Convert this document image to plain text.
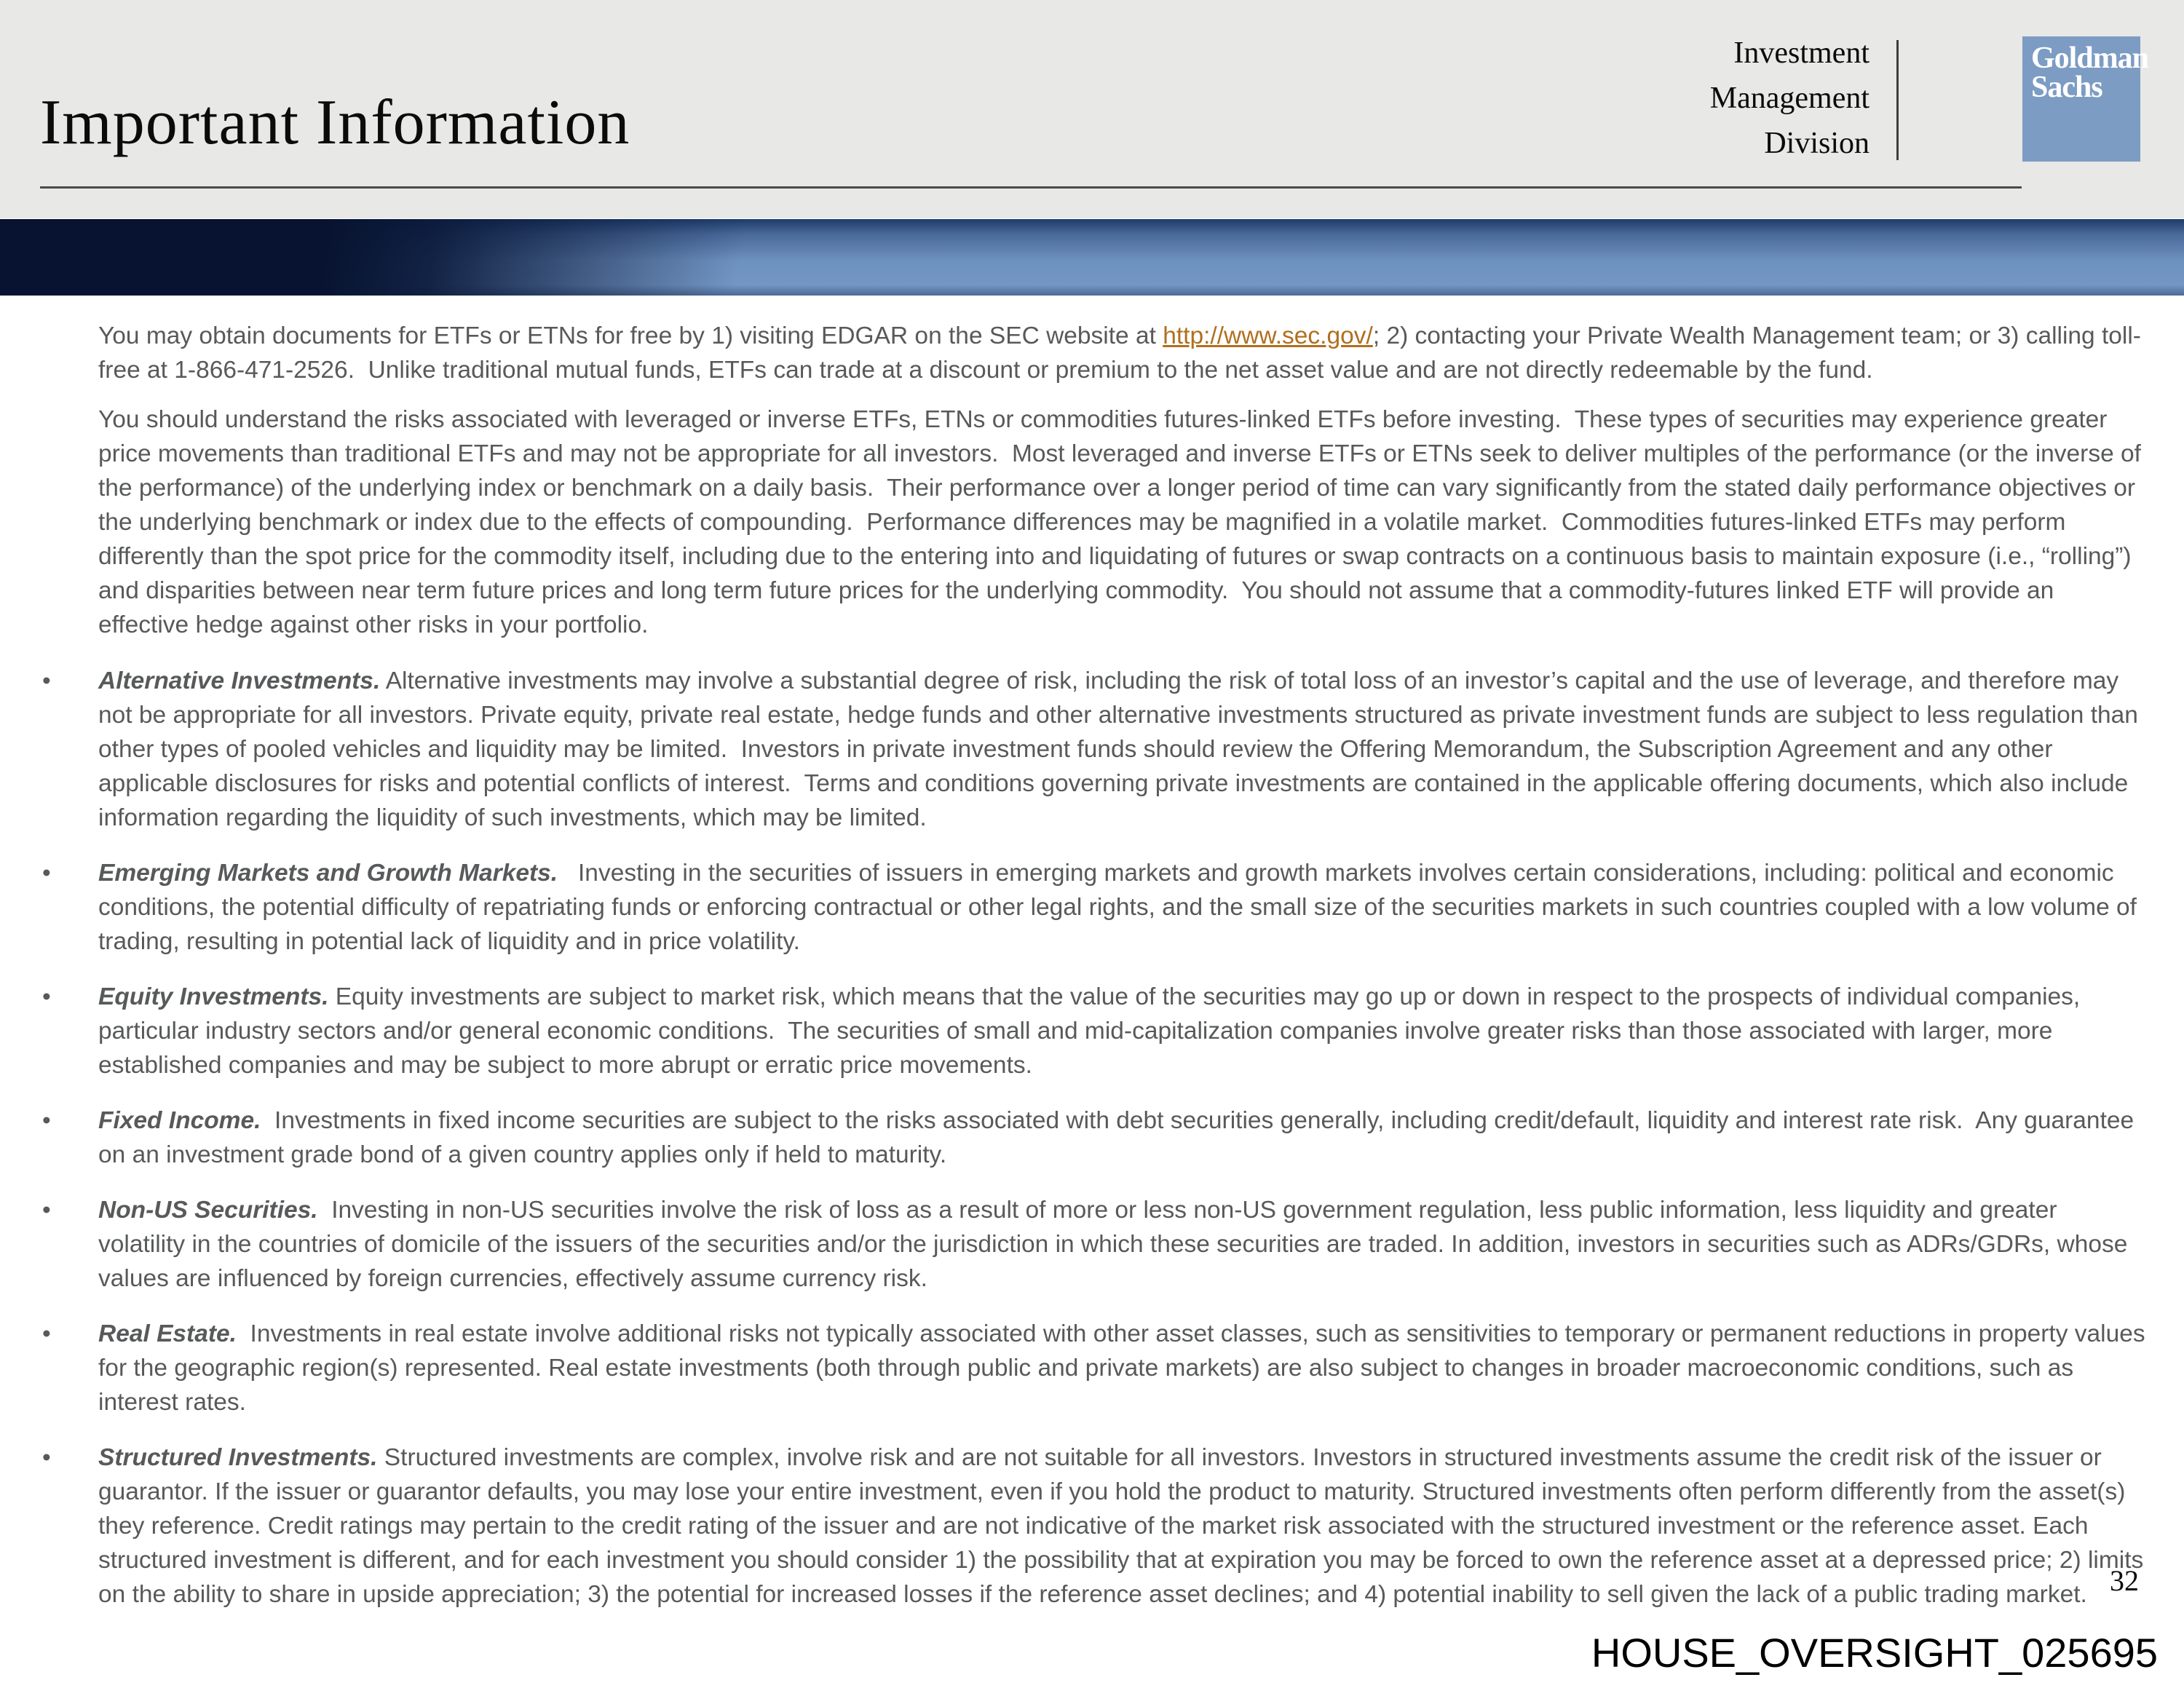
Important Information
Investment
Management
Division
Goldman
Sachs

You may obtain documents for ETFs or ETNs for free by 1) visiting EDGAR on the SEC website at http://www.sec.gov/; 2) contacting your Private Wealth Management team; or 3) calling toll-free at 1-866-471-2526.  Unlike traditional mutual funds, ETFs can trade at a discount or premium to the net asset value and are not directly redeemable by the fund.

You should understand the risks associated with leveraged or inverse ETFs, ETNs or commodities futures-linked ETFs before investing.  These types of securities may experience greater price movements than traditional ETFs and may not be appropriate for all investors.  Most leveraged and inverse ETFs or ETNs seek to deliver multiples of the performance (or the inverse of the performance) of the underlying index or benchmark on a daily basis.  Their performance over a longer period of time can vary significantly from the stated daily performance objectives or the underlying benchmark or index due to the effects of compounding.  Performance differences may be magnified in a volatile market.  Commodities futures-linked ETFs may perform differently than the spot price for the commodity itself, including due to the entering into and liquidating of futures or swap contracts on a continuous basis to maintain exposure (i.e., “rolling”) and disparities between near term future prices and long term future prices for the underlying commodity.  You should not assume that a commodity-futures linked ETF will provide an effective hedge against other risks in your portfolio.

• Alternative Investments. Alternative investments may involve a substantial degree of risk, including the risk of total loss of an investor’s capital and the use of leverage, and therefore may not be appropriate for all investors. Private equity, private real estate, hedge funds and other alternative investments structured as private investment funds are subject to less regulation than other types of pooled vehicles and liquidity may be limited.  Investors in private investment funds should review the Offering Memorandum, the Subscription Agreement and any other applicable disclosures for risks and potential conflicts of interest.  Terms and conditions governing private investments are contained in the applicable offering documents, which also include information regarding the liquidity of such investments, which may be limited.
• Emerging Markets and Growth Markets.   Investing in the securities of issuers in emerging markets and growth markets involves certain considerations, including: political and economic conditions, the potential difficulty of repatriating funds or enforcing contractual or other legal rights, and the small size of the securities markets in such countries coupled with a low volume of trading, resulting in potential lack of liquidity and in price volatility.
• Equity Investments. Equity investments are subject to market risk, which means that the value of the securities may go up or down in respect to the prospects of individual companies, particular industry sectors and/or general economic conditions.  The securities of small and mid-capitalization companies involve greater risks than those associated with larger, more established companies and may be subject to more abrupt or erratic price movements.
• Fixed Income.  Investments in fixed income securities are subject to the risks associated with debt securities generally, including credit/default, liquidity and interest rate risk.  Any guarantee on an investment grade bond of a given country applies only if held to maturity.
• Non-US Securities.  Investing in non-US securities involve the risk of loss as a result of more or less non-US government regulation, less public information, less liquidity and greater volatility in the countries of domicile of the issuers of the securities and/or the jurisdiction in which these securities are traded. In addition, investors in securities such as ADRs/GDRs, whose values are influenced by foreign currencies, effectively assume currency risk.
• Real Estate.  Investments in real estate involve additional risks not typically associated with other asset classes, such as sensitivities to temporary or permanent reductions in property values for the geographic region(s) represented. Real estate investments (both through public and private markets) are also subject to changes in broader macroeconomic conditions, such as interest rates.
• Structured Investments. Structured investments are complex, involve risk and are not suitable for all investors. Investors in structured investments assume the credit risk of the issuer or guarantor. If the issuer or guarantor defaults, you may lose your entire investment, even if you hold the product to maturity. Structured investments often perform differently from the asset(s) they reference. Credit ratings may pertain to the credit rating of the issuer and are not indicative of the market risk associated with the structured investment or the reference asset. Each structured investment is different, and for each investment you should consider 1) the possibility that at expiration you may be forced to own the reference asset at a depressed price; 2) limits on the ability to share in upside appreciation; 3) the potential for increased losses if the reference asset declines; and 4) potential inability to sell given the lack of a public trading market. 32
HOUSE_OVERSIGHT_025695
